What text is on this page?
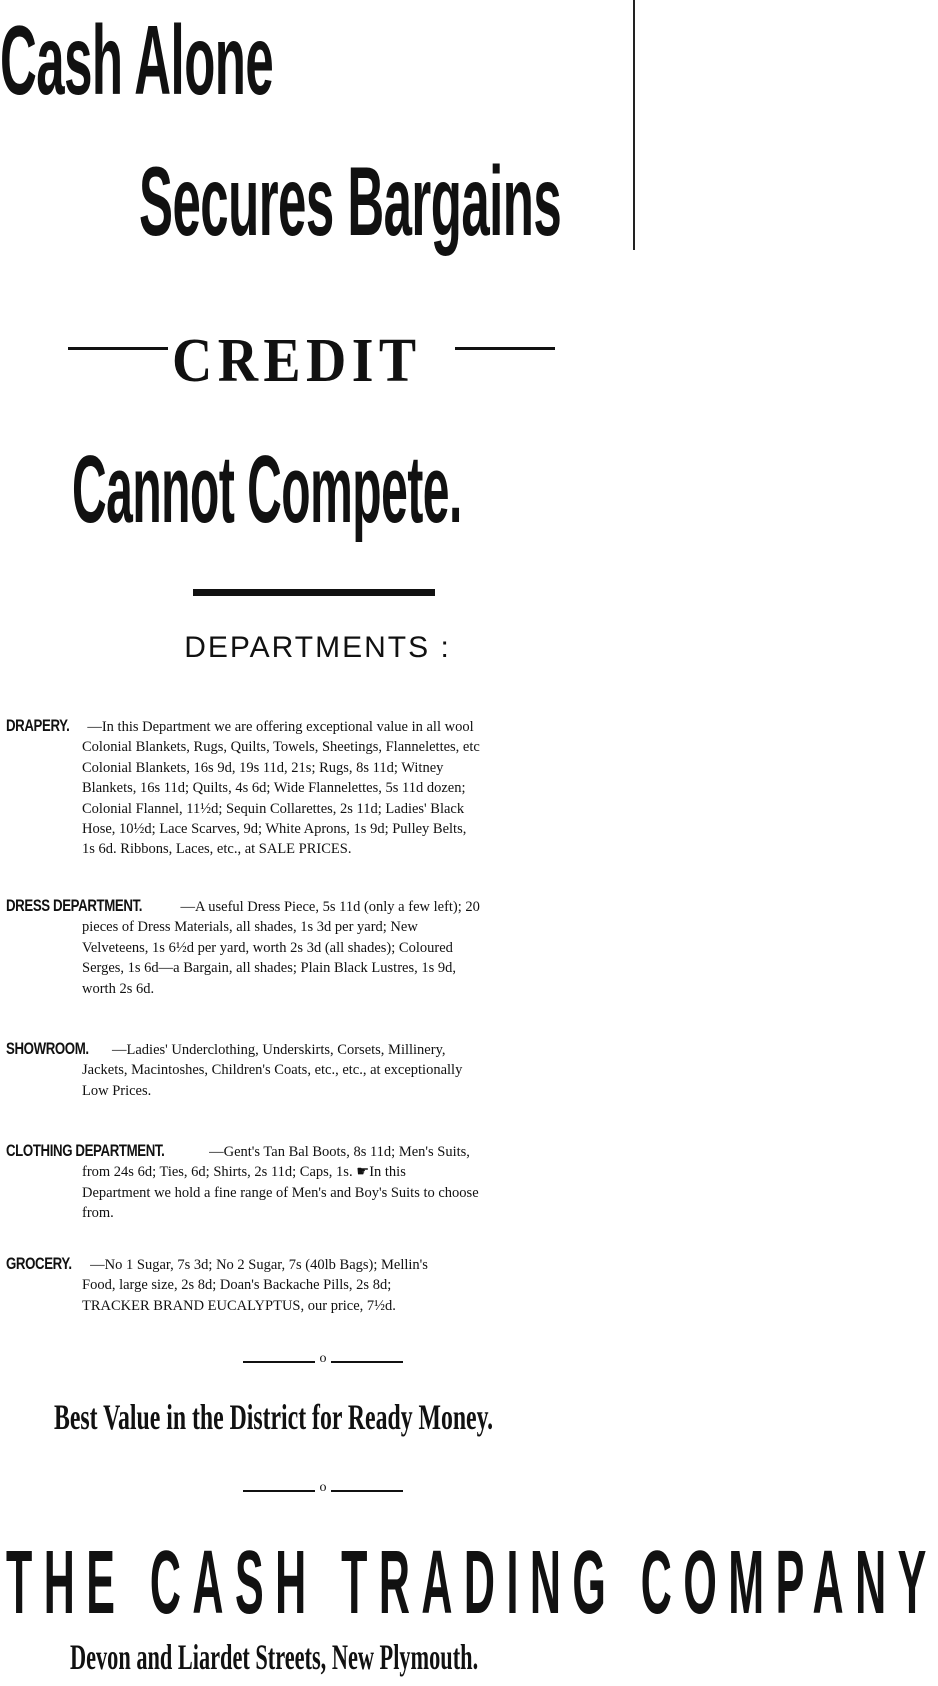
Cash Alone
Secures Bargains
CREDIT
Cannot Compete.
DEPARTMENTS :

DRAPERY. —In this Department we are offering exceptional value in all wool

Colonial Blankets, Rugs, Quilts, Towels, Sheetings, Flannelettes, etc
Colonial Blankets, 16s 9d, 19s 11d, 21s; Rugs, 8s 11d; Witney
Blankets, 16s 11d; Quilts, 4s 6d; Wide Flannelettes, 5s 11d dozen;
Colonial Flannel, 11½d; Sequin Collarettes, 2s 11d; Ladies' Black
Hose, 10½d; Lace Scarves, 9d; White Aprons, 1s 9d; Pulley Belts,
1s 6d. Ribbons, Laces, etc., at SALE PRICES.

DRESS DEPARTMENT.	—A useful Dress Piece, 5s 11d (only a few left); 20

pieces of Dress Materials, all shades, 1s 3d per yard; New
Velveteens, 1s 6½d per yard, worth 2s 3d (all shades); Coloured
Serges, 1s 6d—a Bargain, all shades; Plain Black Lustres, 1s 9d,
worth 2s 6d.

SHOWROOM. —Ladies' Underclothing, Underskirts, Corsets, Millinery,

Jackets, Macintoshes, Children's Coats, etc., etc., at exceptionally
Low Prices.

CLOTHING DEPARTMENT.	—Gent's Tan Bal Boots, 8s 11d; Men's Suits,

from 24s 6d; Ties, 6d; Shirts, 2s 11d; Caps, 1s. ☛In this
Department we hold a fine range of Men's and Boy's Suits to choose
from.

GROCERY. —No 1 Sugar, 7s 3d; No 2 Sugar, 7s (40lb Bags); Mellin's

Food, large size, 2s 8d; Doan's Backache Pills, 2s 8d;
TRACKER BRAND EUCALYPTUS, our price, 7½d.
o
Best Value in the District for Ready Money.
o
THE CASH TRADING COMPANY
Devon and Liardet Streets, New Plymouth.
